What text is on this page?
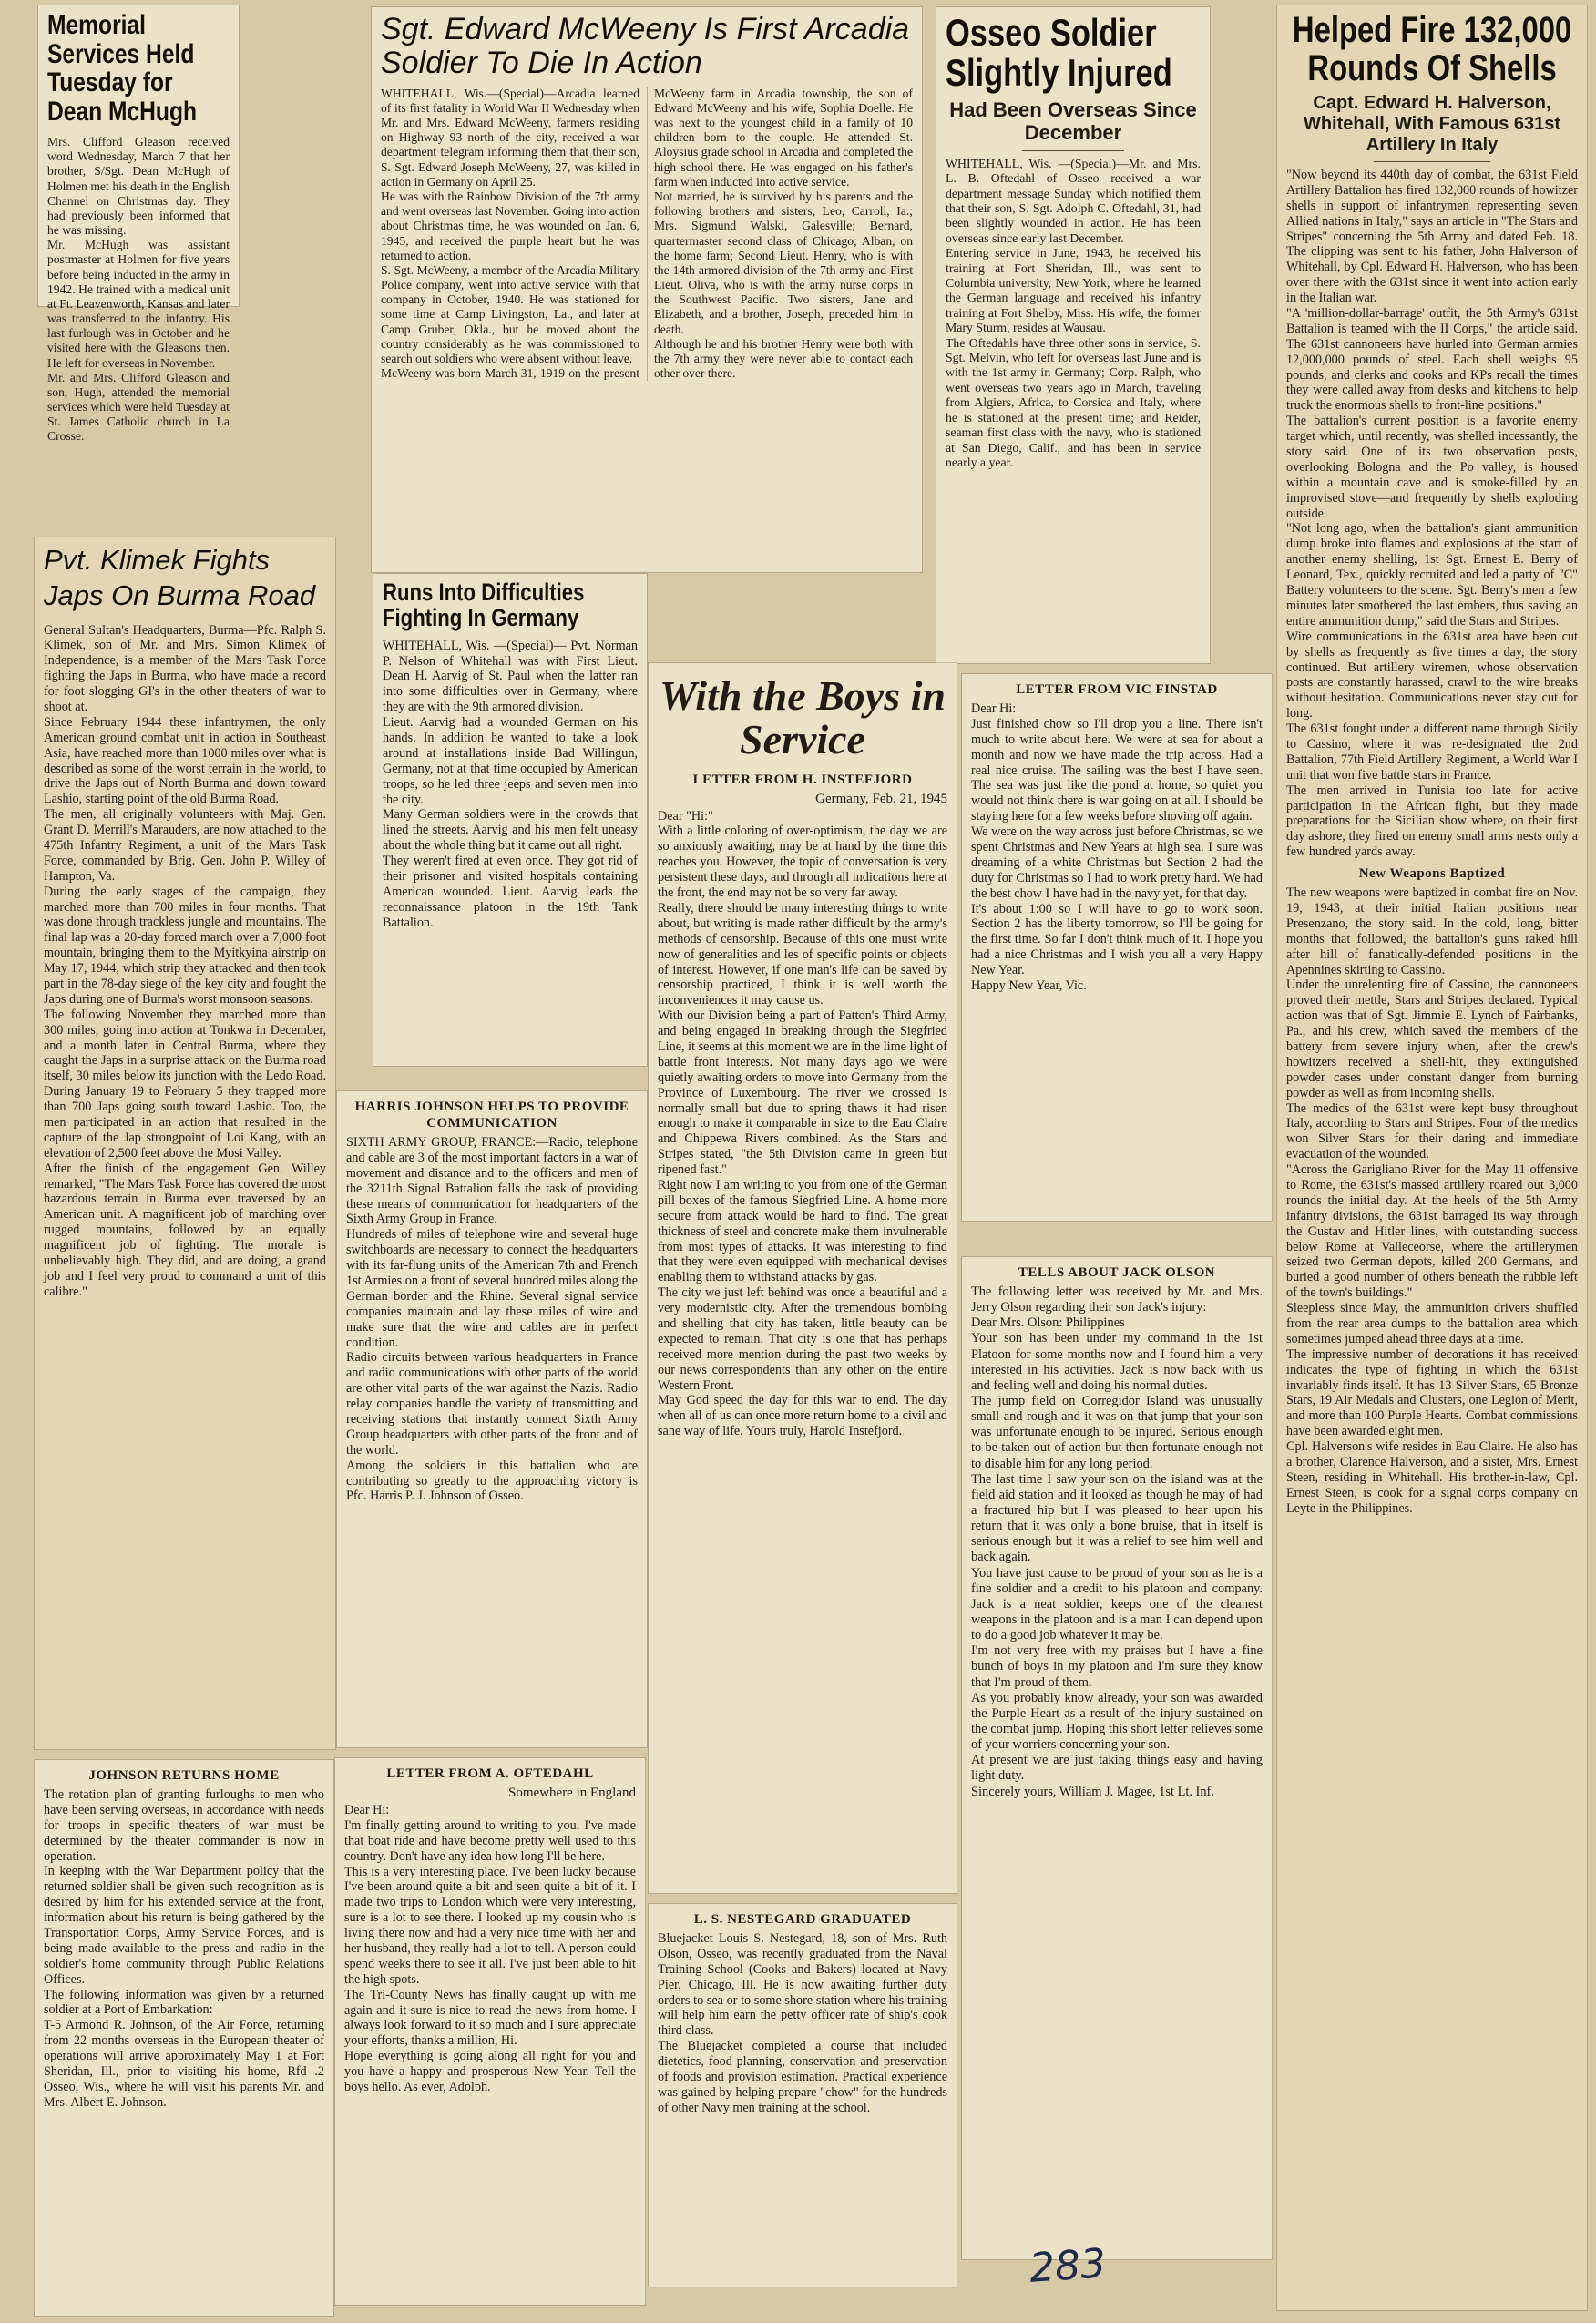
Memorial Services Held Tuesday for Dean McHugh

Mrs. Clifford Gleason received word Wednesday, March 7 that her brother, S/Sgt. Dean McHugh of Holmen met his death in the English Channel on Christmas day. They had previously been informed that he was missing.
Mr. McHugh was assistant postmaster at Holmen for five years before being inducted in the army in 1942. He trained with a medical unit at Ft. Leavenworth, Kansas and later was transferred to the infantry. His last furlough was in October and he visited here with the Gleasons then. He left for overseas in November.
Mr. and Mrs. Clifford Gleason and son, Hugh, attended the memorial services which were held Tuesday at St. James Catholic church in La Crosse.

Sgt. Edward McWeeny Is First Arcadia Soldier To Die In Action

WHITEHALL, Wis.—(Special)—Arcadia learned of its first fatality in World War II Wednesday when Mr. and Mrs. Edward McWeeny, farmers residing on Highway 93 north of the city, received a war department telegram informing them that their son, S. Sgt. Edward Joseph McWeeny, 27, was killed in action in Germany on April 25.
He was with the Rainbow Division of the 7th army and went overseas last November. Going into action about Christmas time, he was wounded on Jan. 6, 1945, and received the purple heart but he was returned to action.
S. Sgt. McWeeny, a member of the Arcadia Military Police company, went into active service with that company in October, 1940. He was stationed for some time at Camp Livingston, La., and later at Camp Gruber, Okla., but he moved about the country considerably as he was commissioned to search out soldiers who were absent without leave.
McWeeny was born March 31, 1919 on the present McWeeny farm in Arcadia township, the son of Edward McWeeny and his wife, Sophia Doelle. He was next to the youngest child in a family of 10 children born to the couple. He attended St. Aloysius grade school in Arcadia and completed the high school there. He was engaged on his father's farm when inducted into active service.
Not married, he is survived by his parents and the following brothers and sisters, Leo, Carroll, Ia.; Mrs. Sigmund Walski, Galesville; Bernard, quartermaster second class of Chicago; Alban, on the home farm; Second Lieut. Henry, who is with the 14th armored division of the 7th army and First Lieut. Oliva, who is with the army nurse corps in the Southwest Pacific. Two sisters, Jane and Elizabeth, and a brother, Joseph, preceded him in death.
Although he and his brother Henry were both with the 7th army they were never able to contact each other over there.

Osseo Soldier Slightly Injured
Had Been Overseas Since December

WHITEHALL, Wis. —(Special)—Mr. and Mrs. L. B. Oftedahl of Osseo received a war department message Sunday which notified them that their son, S. Sgt. Adolph C. Oftedahl, 31, had been slightly wounded in action. He has been overseas since early last December.
Entering service in June, 1943, he received his training at Fort Sheridan, Ill., was sent to Columbia university, New York, where he learned the German language and received his infantry training at Fort Shelby, Miss. His wife, the former Mary Sturm, resides at Wausau.
The Oftedahls have three other sons in service, S. Sgt. Melvin, who left for overseas last June and is with the 1st army in Germany; Corp. Ralph, who went overseas two years ago in March, traveling from Algiers, Africa, to Corsica and Italy, where he is stationed at the present time; and Reider, seaman first class with the navy, who is stationed at San Diego, Calif., and has been in service nearly a year.

Helped Fire 132,000 Rounds Of Shells
Capt. Edward H. Halverson, Whitehall, With Famous 631st Artillery In Italy

"Now beyond its 440th day of combat, the 631st Field Artillery Battalion has fired 132,000 rounds of howitzer shells in support of infantrymen representing seven Allied nations in Italy," says an article in "The Stars and Stripes" concerning the 5th Army and dated Feb. 18. The clipping was sent to his father, John Halverson of Whitehall, by Cpl. Edward H. Halverson, who has been over there with the 631st since it went into action early in the Italian war.
"A 'million-dollar-barrage' outfit, the 5th Army's 631st Battalion is teamed with the II Corps," the article said. The 631st cannoneers have hurled into German armies 12,000,000 pounds of steel. Each shell weighs 95 pounds, and clerks and cooks and KPs recall the times they were called away from desks and kitchens to help truck the enormous shells to front-line positions."
The battalion's current position is a favorite enemy target which, until recently, was shelled incessantly, the story said. One of its two observation posts, overlooking Bologna and the Po valley, is housed within a mountain cave and is smoke-filled by an improvised stove—and frequently by shells exploding outside.
"Not long ago, when the battalion's giant ammunition dump broke into flames and explosions at the start of another enemy shelling, 1st Sgt. Ernest E. Berry of Leonard, Tex., quickly recruited and led a party of "C" Battery volunteers to the scene. Sgt. Berry's men a few minutes later smothered the last embers, thus saving an entire ammunition dump," said the Stars and Stripes.
Wire communications in the 631st area have been cut by shells as frequently as five times a day, the story continued. But artillery wiremen, whose observation posts are constantly harassed, crawl to the wire breaks without hesitation. Communications never stay cut for long.
The 631st fought under a different name through Sicily to Cassino, where it was re-designated the 2nd Battalion, 77th Field Artillery Regiment, a World War I unit that won five battle stars in France.
The men arrived in Tunisia too late for active participation in the African fight, but they made preparations for the Sicilian show where, on their first day ashore, they fired on enemy small arms nests only a few hundred yards away.

New Weapons Baptized

The new weapons were baptized in combat fire on Nov. 19, 1943, at their initial Italian positions near Presenzano, the story said. In the cold, long, bitter months that followed, the battalion's guns raked hill after hill of fanatically-defended positions in the Apennines skirting to Cassino.
Under the unrelenting fire of Cassino, the cannoneers proved their mettle, Stars and Stripes declared. Typical action was that of Sgt. Jimmie E. Lynch of Fairbanks, Pa., and his crew, which saved the members of the battery from severe injury when, after the crew's howitzers received a shell-hit, they extinguished powder cases under constant danger from burning powder as well as from incoming shells.
The medics of the 631st were kept busy throughout Italy, according to Stars and Stripes. Four of the medics won Silver Stars for their daring and immediate evacuation of the wounded.
"Across the Garigliano River for the May 11 offensive to Rome, the 631st's massed artillery roared out 3,000 rounds the initial day. At the heels of the 5th Army infantry divisions, the 631st barraged its way through the Gustav and Hitler lines, with outstanding success below Rome at Valleceorse, where the artillerymen seized two German depots, killed 200 Germans, and buried a good number of others beneath the rubble left of the town's buildings."
Sleepless since May, the ammunition drivers shuffled from the rear area dumps to the battalion area which sometimes jumped ahead three days at a time.
The impressive number of decorations it has received indicates the type of fighting in which the 631st invariably finds itself. It has 13 Silver Stars, 65 Bronze Stars, 19 Air Medals and Clusters, one Legion of Merit, and more than 100 Purple Hearts. Combat commissions have been awarded eight men.
Cpl. Halverson's wife resides in Eau Claire. He also has a brother, Clarence Halverson, and a sister, Mrs. Ernest Steen, residing in Whitehall. His brother-in-law, Cpl. Ernest Steen, is cook for a signal corps company on Leyte in the Philippines.

Pvt. Klimek Fights Japs On Burma Road

General Sultan's Headquarters, Burma—Pfc. Ralph S. Klimek, son of Mr. and Mrs. Simon Klimek of Independence, is a member of the Mars Task Force fighting the Japs in Burma, who have made a record for foot slogging GI's in the other theaters of war to shoot at.
Since February 1944 these infantrymen, the only American ground combat unit in action in Southeast Asia, have reached more than 1000 miles over what is described as some of the worst terrain in the world, to drive the Japs out of North Burma and down toward Lashio, starting point of the old Burma Road.
The men, all originally volunteers with Maj. Gen. Grant D. Merrill's Marauders, are now attached to the 475th Infantry Regiment, a unit of the Mars Task Force, commanded by Brig. Gen. John P. Willey of Hampton, Va.
During the early stages of the campaign, they marched more than 700 miles in four months. That was done through trackless jungle and mountains. The final lap was a 20-day forced march over a 7,000 foot mountain, bringing them to the Myitkyina airstrip on May 17, 1944, which strip they attacked and then took part in the 78-day siege of the key city and fought the Japs during one of Burma's worst monsoon seasons.
The following November they marched more than 300 miles, going into action at Tonkwa in December, and a month later in Central Burma, where they caught the Japs in a surprise attack on the Burma road itself, 30 miles below its junction with the Ledo Road. During January 19 to February 5 they trapped more than 700 Japs going south toward Lashio. Too, the men participated in an action that resulted in the capture of the Jap strongpoint of Loi Kang, with an elevation of 2,500 feet above the Mosi Valley.
After the finish of the engagement Gen. Willey remarked, "The Mars Task Force has covered the most hazardous terrain in Burma ever traversed by an American unit. A magnificent job of marching over rugged mountains, followed by an equally magnificent job of fighting. The morale is unbelievably high. They did, and are doing, a grand job and I feel very proud to command a unit of this calibre."

Runs Into Difficulties Fighting In Germany

WHITEHALL, Wis. —(Special)— Pvt. Norman P. Nelson of Whitehall was with First Lieut. Dean H. Aarvig of St. Paul when the latter ran into some difficulties over in Germany, where they are with the 9th armored division.
Lieut. Aarvig had a wounded German on his hands. In addition he wanted to take a look around at installations inside Bad Willingun, Germany, not at that time occupied by American troops, so he led three jeeps and seven men into the city.
Many German soldiers were in the crowds that lined the streets. Aarvig and his men felt uneasy about the whole thing but it came out all right.
They weren't fired at even once. They got rid of their prisoner and visited hospitals containing American wounded. Lieut. Aarvig leads the reconnaissance platoon in the 19th Tank Battalion.

HARRIS JOHNSON HELPS TO PROVIDE COMMUNICATION

SIXTH ARMY GROUP, FRANCE:—Radio, telephone and cable are 3 of the most important factors in a war of movement and distance and to the officers and men of the 3211th Signal Battalion falls the task of providing these means of communication for headquarters of the Sixth Army Group in France.
Hundreds of miles of telephone wire and several huge switchboards are necessary to connect the headquarters with its far-flung units of the American 7th and French 1st Armies on a front of several hundred miles along the German border and the Rhine. Several signal service companies maintain and lay these miles of wire and make sure that the wire and cables are in perfect condition.
Radio circuits between various headquarters in France and radio communications with other parts of the world are other vital parts of the war against the Nazis. Radio relay companies handle the variety of transmitting and receiving stations that instantly connect Sixth Army Group headquarters with other parts of the front and of the world.
Among the soldiers in this battalion who are contributing so greatly to the approaching victory is Pfc. Harris P. J. Johnson of Osseo.

With the Boys in Service
LETTER FROM H. INSTEFJORD
Germany, Feb. 21, 1945

Dear "Hi:"
With a little coloring of over-optimism, the day we are so anxiously awaiting, may be at hand by the time this reaches you. However, the topic of conversation is very persistent these days, and through all indications here at the front, the end may not be so very far away.
Really, there should be many interesting things to write about, but writing is made rather difficult by the army's methods of censorship. Because of this one must write now of generalities and les of specific points or objects of interest. However, if one man's life can be saved by censorship practiced, I think it is well worth the inconveniences it may cause us.
With our Division being a part of Patton's Third Army, and being engaged in breaking through the Siegfried Line, it seems at this moment we are in the lime light of battle front interests. Not many days ago we were quietly awaiting orders to move into Germany from the Province of Luxembourg. The river we crossed is normally small but due to spring thaws it had risen enough to make it comparable in size to the Eau Claire and Chippewa Rivers combined. As the Stars and Stripes stated, "the 5th Division came in green but ripened fast."
Right now I am writing to you from one of the German pill boxes of the famous Siegfried Line. A home more secure from attack would be hard to find. The great thickness of steel and concrete make them invulnerable from most types of attacks. It was interesting to find that they were even equipped with mechanical devises enabling them to withstand attacks by gas.
The city we just left behind was once a beautiful and a very modernistic city. After the tremendous bombing and shelling that city has taken, little beauty can be expected to remain. That city is one that has perhaps received more mention during the past two weeks by our news correspondents than any other on the entire Western Front.
May God speed the day for this war to end. The day when all of us can once more return home to a civil and sane way of life. Yours truly, Harold Instefjord.

LETTER FROM VIC FINSTAD

Dear Hi:
Just finished chow so I'll drop you a line. There isn't much to write about here. We were at sea for about a month and now we have made the trip across. Had a real nice cruise. The sailing was the best I have seen. The sea was just like the pond at home, so quiet you would not think there is war going on at all. I should be staying here for a few weeks before shoving off again.
We were on the way across just before Christmas, so we spent Christmas and New Years at high sea. I sure was dreaming of a white Christmas but Section 2 had the duty for Christmas so I had to work pretty hard. We had the best chow I have had in the navy yet, for that day.
It's about 1:00 so I will have to go to work soon. Section 2 has the liberty tomorrow, so I'll be going for the first time. So far I don't think much of it. I hope you had a nice Christmas and I wish you all a very Happy New Year.
Happy New Year, Vic.

TELLS ABOUT JACK OLSON

The following letter was received by Mr. and Mrs. Jerry Olson regarding their son Jack's injury:
Dear Mrs. Olson: Philippines
Your son has been under my command in the 1st Platoon for some months now and I found him a very interested in his activities. Jack is now back with us and feeling well and doing his normal duties.
The jump field on Corregidor Island was unusually small and rough and it was on that jump that your son was unfortunate enough to be injured. Serious enough to be taken out of action but then fortunate enough not to disable him for any long period.
The last time I saw your son on the island was at the field aid station and it looked as though he may of had a fractured hip but I was pleased to hear upon his return that it was only a bone bruise, that in itself is serious enough but it was a relief to see him well and back again.
You have just cause to be proud of your son as he is a fine soldier and a credit to his platoon and company. Jack is a neat soldier, keeps one of the cleanest weapons in the platoon and is a man I can depend upon to do a good job whatever it may be.
I'm not very free with my praises but I have a fine bunch of boys in my platoon and I'm sure they know that I'm proud of them.
As you probably know already, your son was awarded the Purple Heart as a result of the injury sustained on the combat jump. Hoping this short letter relieves some of your worriers concerning your son.
At present we are just taking things easy and having light duty.
Sincerely yours, William J. Magee, 1st Lt. Inf.

JOHNSON RETURNS HOME

The rotation plan of granting furloughs to men who have been serving overseas, in accordance with needs for troops in specific theaters of war must be determined by the theater commander is now in operation.
In keeping with the War Department policy that the returned soldier shall be given such recognition as is desired by him for his extended service at the front, information about his return is being gathered by the Transportation Corps, Army Service Forces, and is being made available to the press and radio in the soldier's home community through Public Relations Offices.
The following information was given by a returned soldier at a Port of Embarkation:
T-5 Armond R. Johnson, of the Air Force, returning from 22 months overseas in the European theater of operations will arrive approximately May 1 at Fort Sheridan, Ill., prior to visiting his home, Rfd .2 Osseo, Wis., where he will visit his parents Mr. and Mrs. Albert E. Johnson.

LETTER FROM A. OFTEDAHL
Somewhere in England

Dear Hi:
I'm finally getting around to writing to you. I've made that boat ride and have become pretty well used to this country. Don't have any idea how long I'll be here.
This is a very interesting place. I've been lucky because I've been around quite a bit and seen quite a bit of it. I made two trips to London which were very interesting, sure is a lot to see there. I looked up my cousin who is living there now and had a very nice time with her and her husband, they really had a lot to tell. A person could spend weeks there to see it all. I've just been able to hit the high spots.
The Tri-County News has finally caught up with me again and it sure is nice to read the news from home. I always look forward to it so much and I sure appreciate your efforts, thanks a million, Hi.
Hope everything is going along all right for you and you have a happy and prosperous New Year. Tell the boys hello. As ever, Adolph.

L. S. NESTEGARD GRADUATED

Bluejacket Louis S. Nestegard, 18, son of Mrs. Ruth Olson, Osseo, was recently graduated from the Naval Training School (Cooks and Bakers) located at Navy Pier, Chicago, Ill. He is now awaiting further duty orders to sea or to some shore station where his training will help him earn the petty officer rate of ship's cook third class.
The Bluejacket completed a course that included dietetics, food-planning, conservation and preservation of foods and provision estimation. Practical experience was gained by helping prepare "chow" for the hundreds of other Navy men training at the school.

283
